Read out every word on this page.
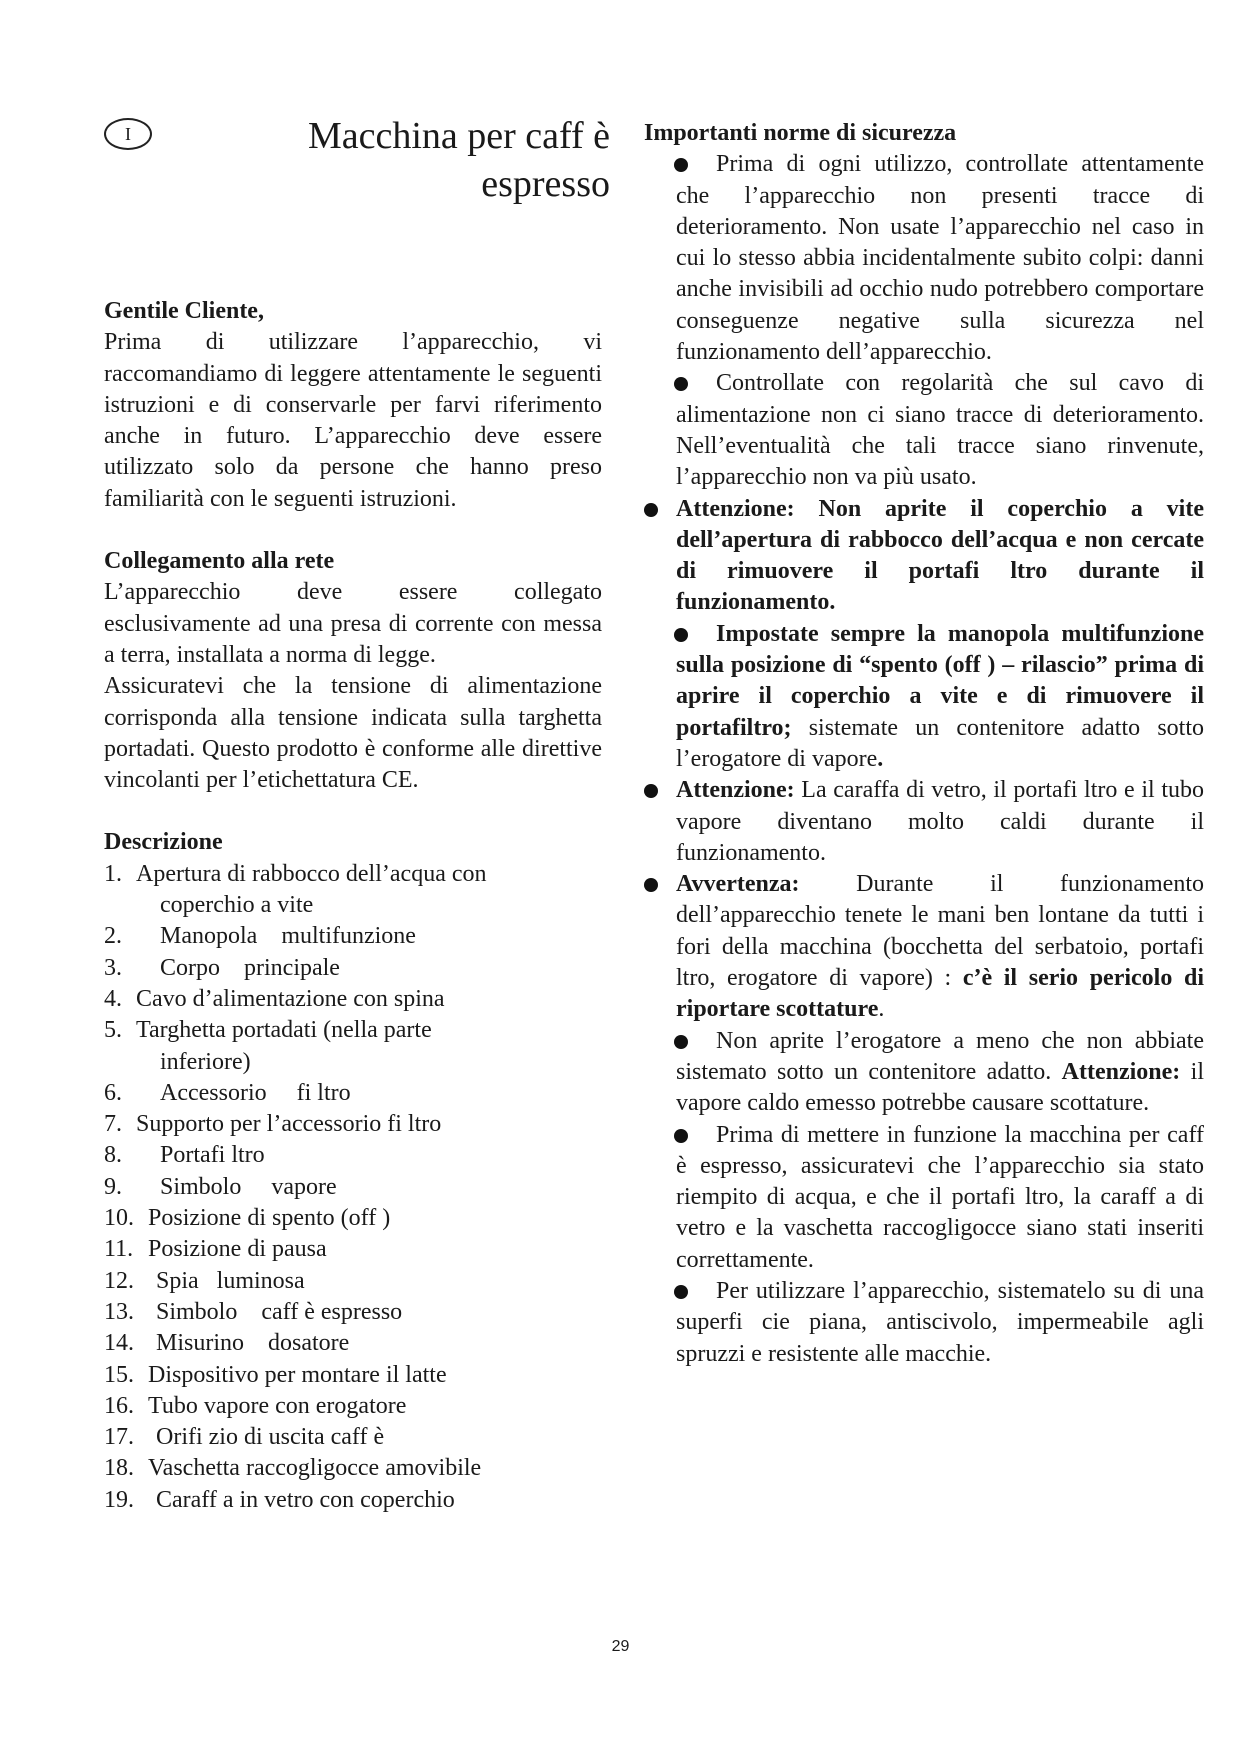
I	Macchina per caff è
espresso
Gentile Cliente,

Prima di utilizzare l’apparecchio, vi raccomandiamo di leggere attentamente le seguenti istruzioni e di conservarle per farvi riferimento anche in futuro. L’apparecchio deve essere utilizzato solo da persone che hanno preso familiarità con le seguenti istruzioni.

Collegamento alla rete

L’apparecchio deve essere collegato esclusivamente ad una presa di corrente con messa a terra, installata a norma di legge.

Assicuratevi che la tensione di alimentazione corrisponda alla tensione indicata sulla targhetta portadati. Questo prodotto è conforme alle direttive vincolanti per l’etichettatura CE.

Descrizione
1. Apertura di rabbocco dell’acqua con
coperchio a vite
2. Manopola    multifunzione
3. Corpo    principale
4. Cavo d’alimentazione con spina
5. Targhetta portadati (nella parte
inferiore)
6. Accessorio     fi ltro
7. Supporto per l’accessorio fi ltro
8. Portafi ltro
9. Simbolo     vapore
10. Posizione di spento (off )
11. Posizione di pausa
12. Spia   luminosa
13. Simbolo    caff è espresso
14. Misurino    dosatore
15. Dispositivo per montare il latte
16. Tubo vapore con erogatore
17. Orifi zio di uscita caff è
18. Vaschetta raccogligocce amovibile
19. Caraff a in vetro con coperchio
Importanti norme di sicurezza
Prima di ogni utilizzo, controllate attentamente che l’apparecchio non presenti tracce di deterioramento. Non usate l’apparecchio nel caso in cui lo stesso abbia incidentalmente subito colpi: danni anche invisibili ad occhio nudo potrebbero comportare conseguenze negative sulla sicurezza nel funzionamento dell’apparecchio.
Controllate con regolarità che sul cavo di alimentazione non ci siano tracce di deterioramento. Nell’eventualità che tali tracce siano rinvenute, l’apparecchio non va più usato.
Attenzione: Non aprite il coperchio a vite dell’apertura di rabbocco dell’acqua e non cercate di rimuovere il portafi ltro durante il funzionamento.
Impostate sempre la manopola multifunzione sulla posizione di “spento (off ) – rilascio” prima di aprire il coperchio a vite e di rimuovere il portafiltro; sistemate un contenitore adatto sotto l’erogatore di vapore.
Attenzione: La caraffa di vetro, il portafi ltro e il tubo vapore diventano molto caldi durante il funzionamento.
Avvertenza: Durante il funzionamento dell’apparecchio tenete le mani ben lontane da tutti i fori della macchina (bocchetta del serbatoio, portafi ltro, erogatore di vapore) : c’è il serio pericolo di riportare scottature.
Non aprite l’erogatore a meno che non abbiate sistemato sotto un contenitore adatto. Attenzione: il vapore caldo emesso potrebbe causare scottature.
Prima di mettere in funzione la macchina per caff è espresso, assicuratevi che l’apparecchio sia stato riempito di acqua, e che il portafi ltro, la caraff a di vetro e la vaschetta raccogligocce siano stati inseriti correttamente.
Per utilizzare l’apparecchio, sistematelo su di una superfi cie piana, antiscivolo, impermeabile agli spruzzi e resistente alle macchie.
29
